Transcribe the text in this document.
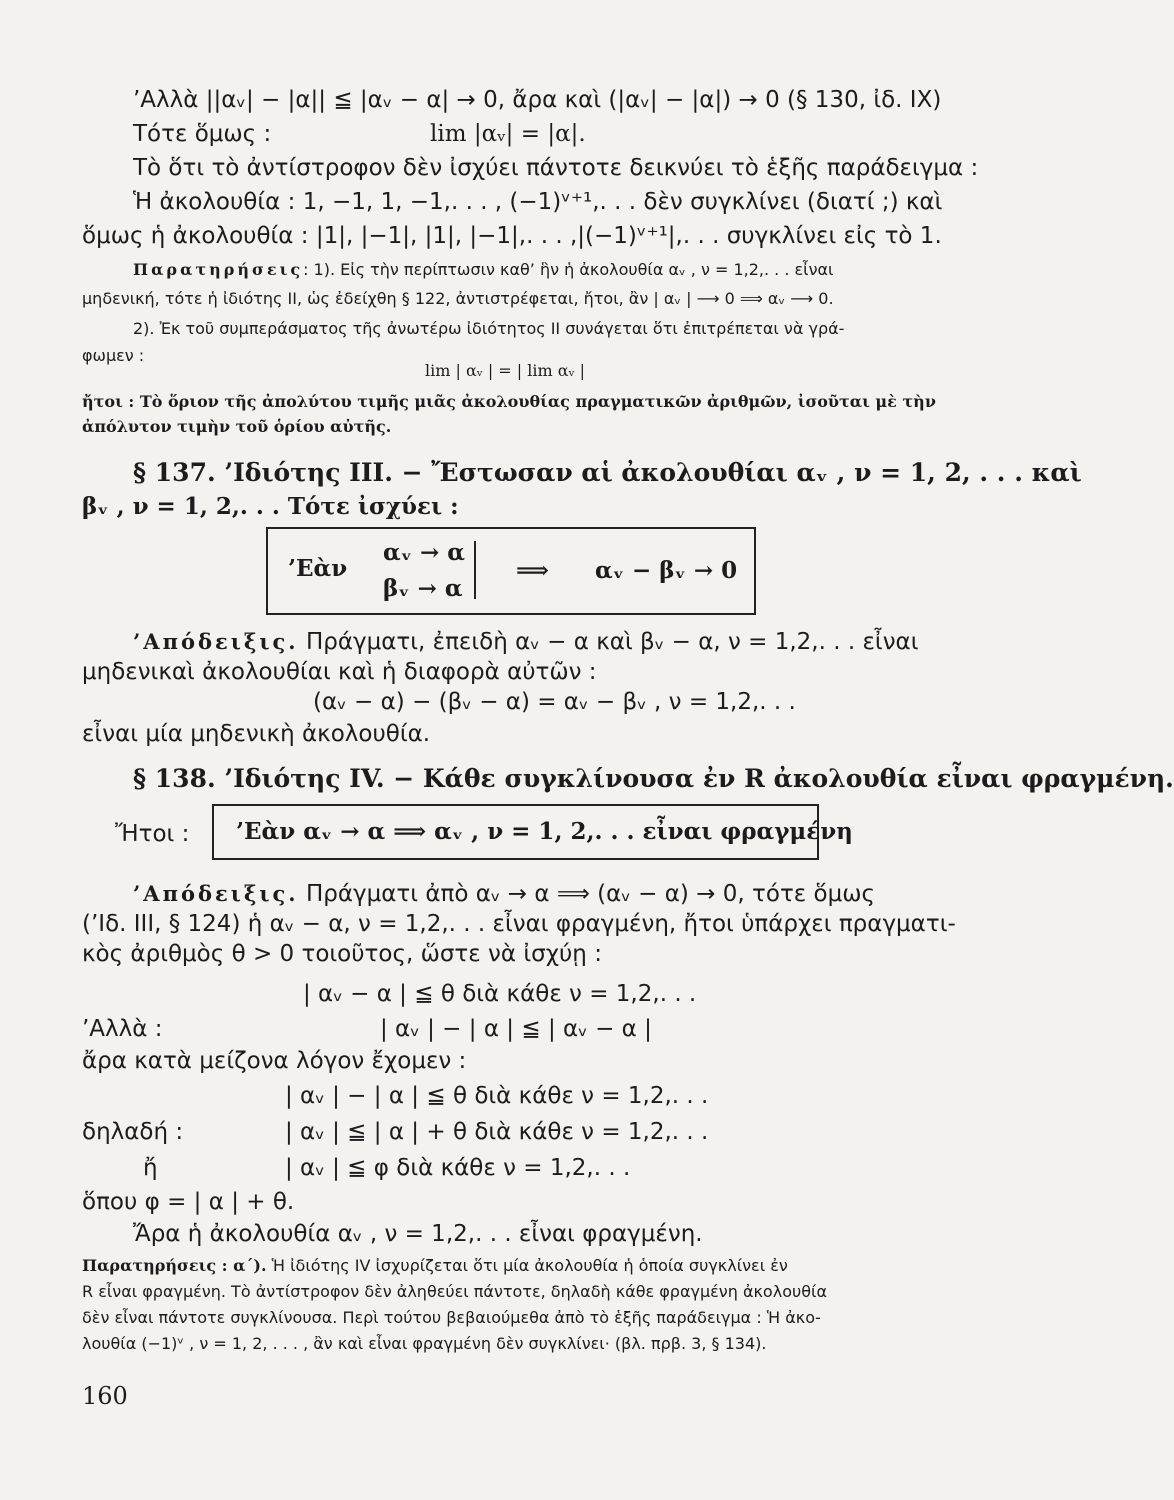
’Αλλὰ ||αᵥ| − |α|| ≦ |αᵥ − α| → 0, ἄρα καὶ (|αᵥ| − |α|) → 0 (§ 130, ἰδ. IX)
Τότε ὅμως :	lim |αᵥ| = |α|.
Τὸ ὅτι τὸ ἀντίστροφον δὲν ἰσχύει πάντοτε δεικνύει τὸ ἑξῆς παράδειγμα :
Ἡ ἀκολουθία : 1, −1, 1, −1,. . . , (−1)ᵛ⁺¹,. . . δὲν συγκλίνει (διατί ;) καὶ
ὅμως ἡ ἀκολουθία : |1|, |−1|, |1|, |−1|,. . . ,|(−1)ᵛ⁺¹|,. . . συγκλίνει εἰς τὸ 1.
Παρατηρήσεις: 1). Εἰς τὴν περίπτωσιν καθ’ ἣν ἡ ἀκολουθία αᵥ , ν = 1,2,. . . εἶναι
μηδενική, τότε ἡ ἰδιότης II, ὡς ἐδείχθη § 122, ἀντιστρέφεται, ἤτοι, ἂν | αᵥ | ⟶ 0 ⟹ αᵥ ⟶ 0.
2). Ἐκ τοῦ συμπεράσματος τῆς ἀνωτέρω ἰδιότητος II συνάγεται ὅτι ἐπιτρέπεται νὰ γρά-
φωμεν :
lim | αᵥ | = | lim αᵥ |
ἤτοι : Τὸ ὅριον τῆς ἀπολύτου τιμῆς μιᾶς ἀκολουθίας πραγματικῶν ἀριθμῶν, ἰσοῦται μὲ τὴν
ἀπόλυτον τιμὴν τοῦ ὁρίου αὐτῆς.
§ 137. ’Ιδιότης III. − Ἔστωσαν αἱ ἀκολουθίαι αᵥ , ν = 1, 2, . . . καὶ
βᵥ , ν = 1, 2,. . . Τότε ἰσχύει :
’Εὰν
αᵥ → α
βᵥ → α
⟹ αᵥ − βᵥ → 0
’Απόδειξις. Πράγματι, ἐπειδὴ αᵥ − α καὶ βᵥ − α, ν = 1,2,. . . εἶναι
μηδενικαὶ ἀκολουθίαι καὶ ἡ διαφορὰ αὐτῶν :
(αᵥ − α) − (βᵥ − α) = αᵥ − βᵥ , ν = 1,2,. . .
εἶναι μία μηδενικὴ ἀκολουθία.
§ 138. ’Ιδιότης IV. − Κάθε συγκλίνουσα ἐν R ἀκολουθία εἶναι φραγμένη.
Ἤτοι : ’Εὰν αᵥ → α ⟹ αᵥ , ν = 1, 2,. . . εἶναι φραγμένη
’Απόδειξις. Πράγματι ἀπὸ αᵥ → α ⟹ (αᵥ − α) → 0, τότε ὅμως
(’Ιδ. III, § 124) ἡ αᵥ − α, ν = 1,2,. . . εἶναι φραγμένη, ἤτοι ὑπάρχει πραγματι-
κὸς ἀριθμὸς θ > 0 τοιοῦτος, ὥστε νὰ ἰσχύῃ :
| αᵥ − α | ≦ θ διὰ κάθε ν = 1,2,. . .
’Αλλὰ :	| αᵥ | − | α | ≦ | αᵥ − α |
ἄρα κατὰ μείζονα λόγον ἔχομεν :
| αᵥ | − | α | ≦ θ διὰ κάθε ν = 1,2,. . .
δηλαδή :	| αᵥ | ≦ | α | + θ διὰ κάθε ν = 1,2,. . .
ἤ	| αᵥ | ≦ φ διὰ κάθε ν = 1,2,. . .
ὅπου φ = | α | + θ.
Ἄρα ἡ ἀκολουθία αᵥ , ν = 1,2,. . . εἶναι φραγμένη.
Παρατηρήσεις : α΄). Ἡ ἰδιότης IV ἰσχυρίζεται ὅτι μία ἀκολουθία ἡ ὁποία συγκλίνει ἐν
R εἶναι φραγμένη. Τὸ ἀντίστροφον δὲν ἀληθεύει πάντοτε, δηλαδὴ κάθε φραγμένη ἀκολουθία
δὲν εἶναι πάντοτε συγκλίνουσα. Περὶ τούτου βεβαιούμεθα ἀπὸ τὸ ἑξῆς παράδειγμα : Ἡ ἀκο-
λουθία (−1)ᵛ , ν = 1, 2, . . . , ἂν καὶ εἶναι φραγμένη δὲν συγκλίνει· (βλ. πρβ. 3, § 134).
160
